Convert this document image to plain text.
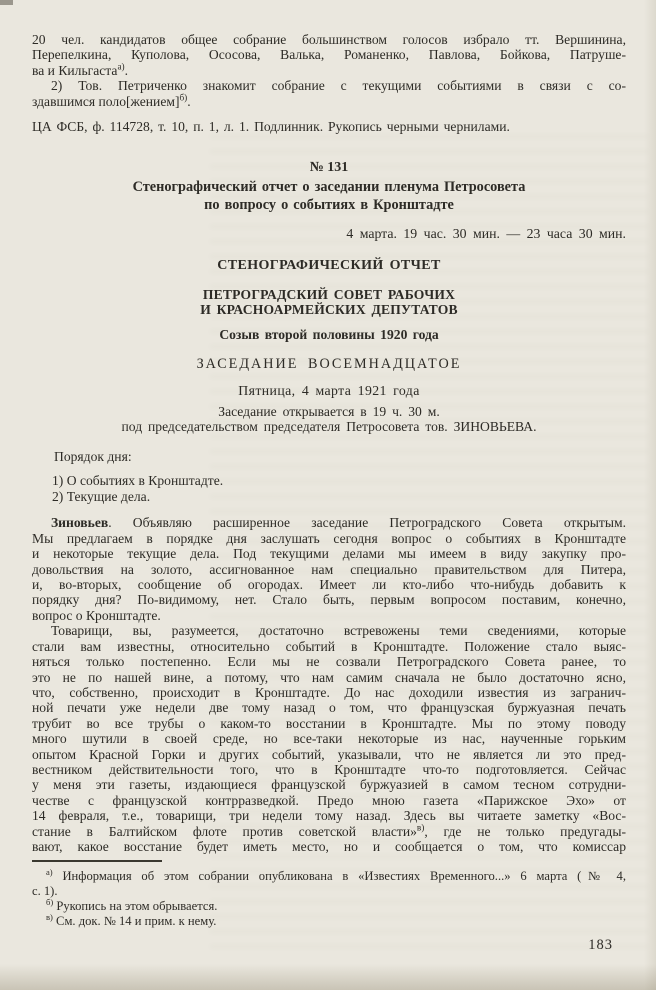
20 чел. кандидатов общее собрание большинством голосов избрало тт. Вершинина,
Перепелкина, Куполова, Ососова, Валька, Романенко, Павлова, Бойкова, Патруше-
ва и Кильгаста$^{а)}$.
2) Тов. Петриченко знакомит собрание с текущими событиями в связи с со-
здавшимся поло[жением]$^{б)}$.
ЦА ФСБ, ф. 114728, т. 10, п. 1, л. 1. Подлинник. Рукопись черными чернилами.
№ 131
Стенографический отчет о заседании пленума Петросовета
по вопросу о событиях в Кронштадте
4 марта. 19 час. 30 мин. — 23 часа 30 мин.
СТЕНОГРАФИЧЕСКИЙ ОТЧЕТ
ПЕТРОГРАДСКИЙ СОВЕТ РАБОЧИХ
И КРАСНОАРМЕЙСКИХ ДЕПУТАТОВ
Созыв второй половины 1920 года
ЗАСЕДАНИЕ ВОСЕМНАДЦАТОЕ
Пятница, 4 марта 1921 года
Заседание открывается в 19 ч. 30 м.
под председательством председателя Петросовета тов. ЗИНОВЬЕВА.
Порядок дня:
1) О событиях в Кронштадте.
2) Текущие дела.
Зиновьев. Объявляю расширенное заседание Петроградского Совета открытым.
Мы предлагаем в порядке дня заслушать сегодня вопрос о событиях в Кронштадте
и некоторые текущие дела. Под текущими делами мы имеем в виду закупку про-
довольствия на золото, ассигнованное нам специально правительством для Питера,
и, во-вторых, сообщение об огородах. Имеет ли кто-либо что-нибудь добавить к
порядку дня? По-видимому, нет. Стало быть, первым вопросом поставим, конечно,
вопрос о Кронштадте.
Товарищи, вы, разумеется, достаточно встревожены теми сведениями, которые
стали вам известны, относительно событий в Кронштадте. Положение стало выяс-
няться только постепенно. Если мы не созвали Петроградского Совета ранее, то
это не по нашей вине, а потому, что нам самим сначала не было достаточно ясно,
что, собственно, происходит в Кронштадте. До нас доходили известия из загранич-
ной печати уже недели две тому назад о том, что французская буржуазная печать
трубит во все трубы о каком-то восстании в Кронштадте. Мы по этому поводу
много шутили в своей среде, но все-таки некоторые из нас, наученные горьким
опытом Красной Горки и других событий, указывали, что не является ли это пред-
вестником действительности того, что в Кронштадте что-то подготовляется. Сейчас
у меня эти газеты, издающиеся французской буржуазией в самом тесном сотрудни-
честве с французской контрразведкой. Предо мною газета «Парижское Эхо» от
14 февраля, т.е., товарищи, три недели тому назад. Здесь вы читаете заметку «Вос-
стание в Балтийском флоте против советской власти»$^{в)}$, где не только предугады-
вают, какое восстание будет иметь место, но и сообщается о том, что комиссар
$^{а)}$ Информация об этом собрании опубликована в «Известиях Временного...» 6 марта (№ 4,
с. 1).
$^{б)}$ Рукопись на этом обрывается.
$^{в)}$ См. док. № 14 и прим. к нему.
183
